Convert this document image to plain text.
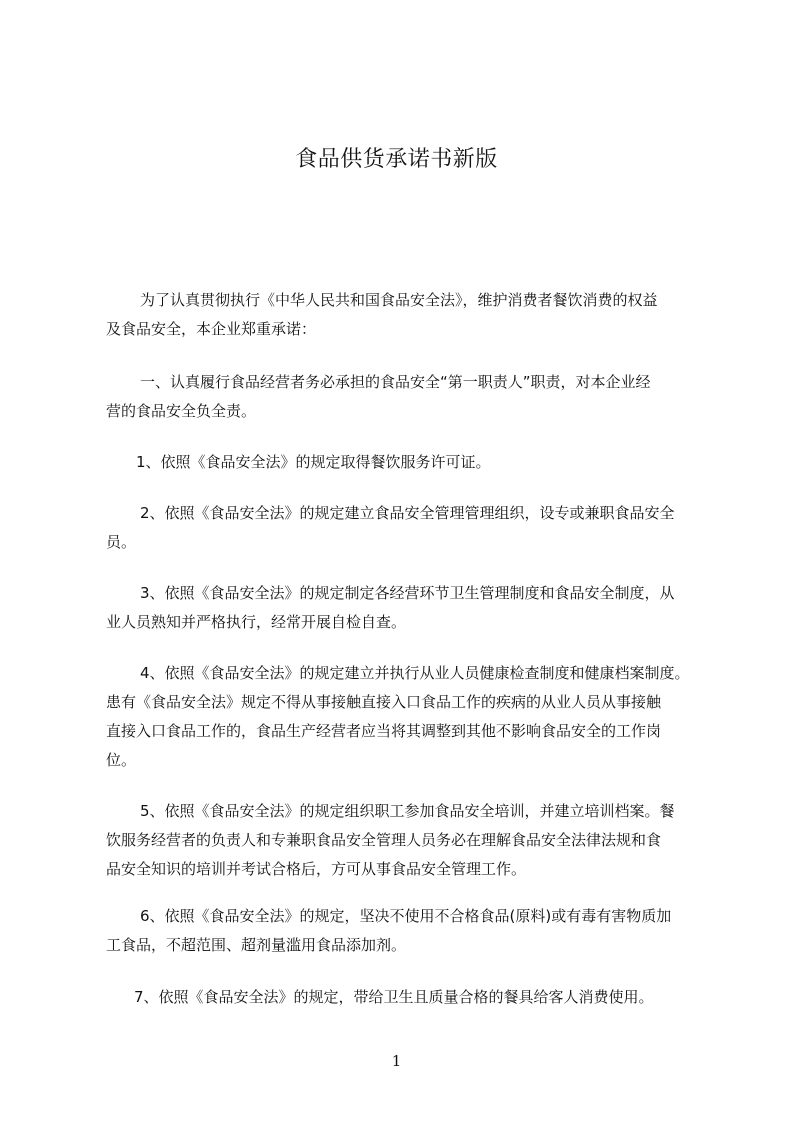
食品供货承诺书新版
为了认真贯彻执行《中华人民共和国食品安全法》，维护消费者餐饮消费的权益
及食品安全，本企业郑重承诺：
一、认真履行食品经营者务必承担的食品安全“第一职责人”职责，对本企业经
营的食品安全负全责。
1、依照《食品安全法》的规定取得餐饮服务许可证。
2、依照《食品安全法》的规定建立食品安全管理管理组织，设专或兼职食品安全
员。
3、依照《食品安全法》的规定制定各经营环节卫生管理制度和食品安全制度，从
业人员熟知并严格执行，经常开展自检自查。
4、依照《食品安全法》的规定建立并执行从业人员健康检查制度和健康档案制度。
患有《食品安全法》规定不得从事接触直接入口食品工作的疾病的从业人员从事接触
直接入口食品工作的，食品生产经营者应当将其调整到其他不影响食品安全的工作岗
位。
5、依照《食品安全法》的规定组织职工参加食品安全培训，并建立培训档案。餐
饮服务经营者的负责人和专兼职食品安全管理人员务必在理解食品安全法律法规和食
品安全知识的培训并考试合格后，方可从事食品安全管理工作。
6、依照《食品安全法》的规定，坚决不使用不合格食品(原料)或有毒有害物质加
工食品，不超范围、超剂量滥用食品添加剂。
7、依照《食品安全法》的规定，带给卫生且质量合格的餐具给客人消费使用。
1
